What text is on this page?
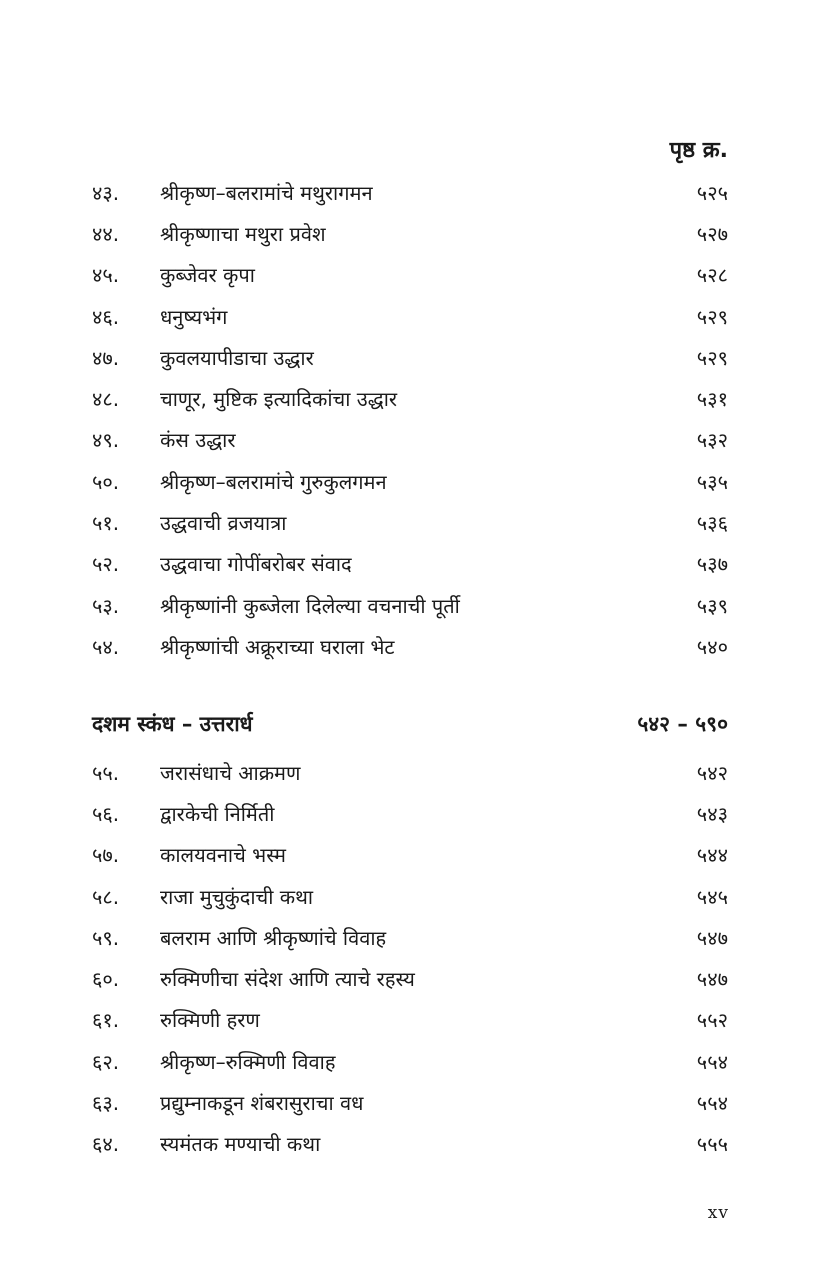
पृष्ठ क्र.
४३.	श्रीकृष्ण–बलरामांचे मथुरागमन	५२५
४४.	श्रीकृष्णाचा मथुरा प्रवेश	५२७
४५.	कुब्जेवर कृपा	५२८
४६.	धनुष्यभंग	५२९
४७.	कुवलयापीडाचा उद्धार	५२९
४८.	चाणूर, मुष्टिक इत्यादिकांचा उद्धार	५३१
४९.	कंस उद्धार	५३२
५०.	श्रीकृष्ण–बलरामांचे गुरुकुलगमन	५३५
५१.	उद्धवाची व्रजयात्रा	५३६
५२.	उद्धवाचा गोपींबरोबर संवाद	५३७
५३.	श्रीकृष्णांनी कुब्जेला दिलेल्या वचनाची पूर्ती	५३९
५४.	श्रीकृष्णांची अक्रूराच्या घराला भेट	५४०
दशम स्कंध – उत्तरार्ध	५४२ – ५९०
५५.	जरासंधाचे आक्रमण	५४२
५६.	द्वारकेची निर्मिती	५४३
५७.	कालयवनाचे भस्म	५४४
५८.	राजा मुचुकुंदाची कथा	५४५
५९.	बलराम आणि श्रीकृष्णांचे विवाह	५४७
६०.	रुक्मिणीचा संदेश आणि त्याचे रहस्य	५४७
६१.	रुक्मिणी हरण	५५२
६२.	श्रीकृष्ण–रुक्मिणी विवाह	५५४
६३.	प्रद्युम्नाकडून शंबरासुराचा वध	५५४
६४.	स्यमंतक मण्याची कथा	५५५
xv
